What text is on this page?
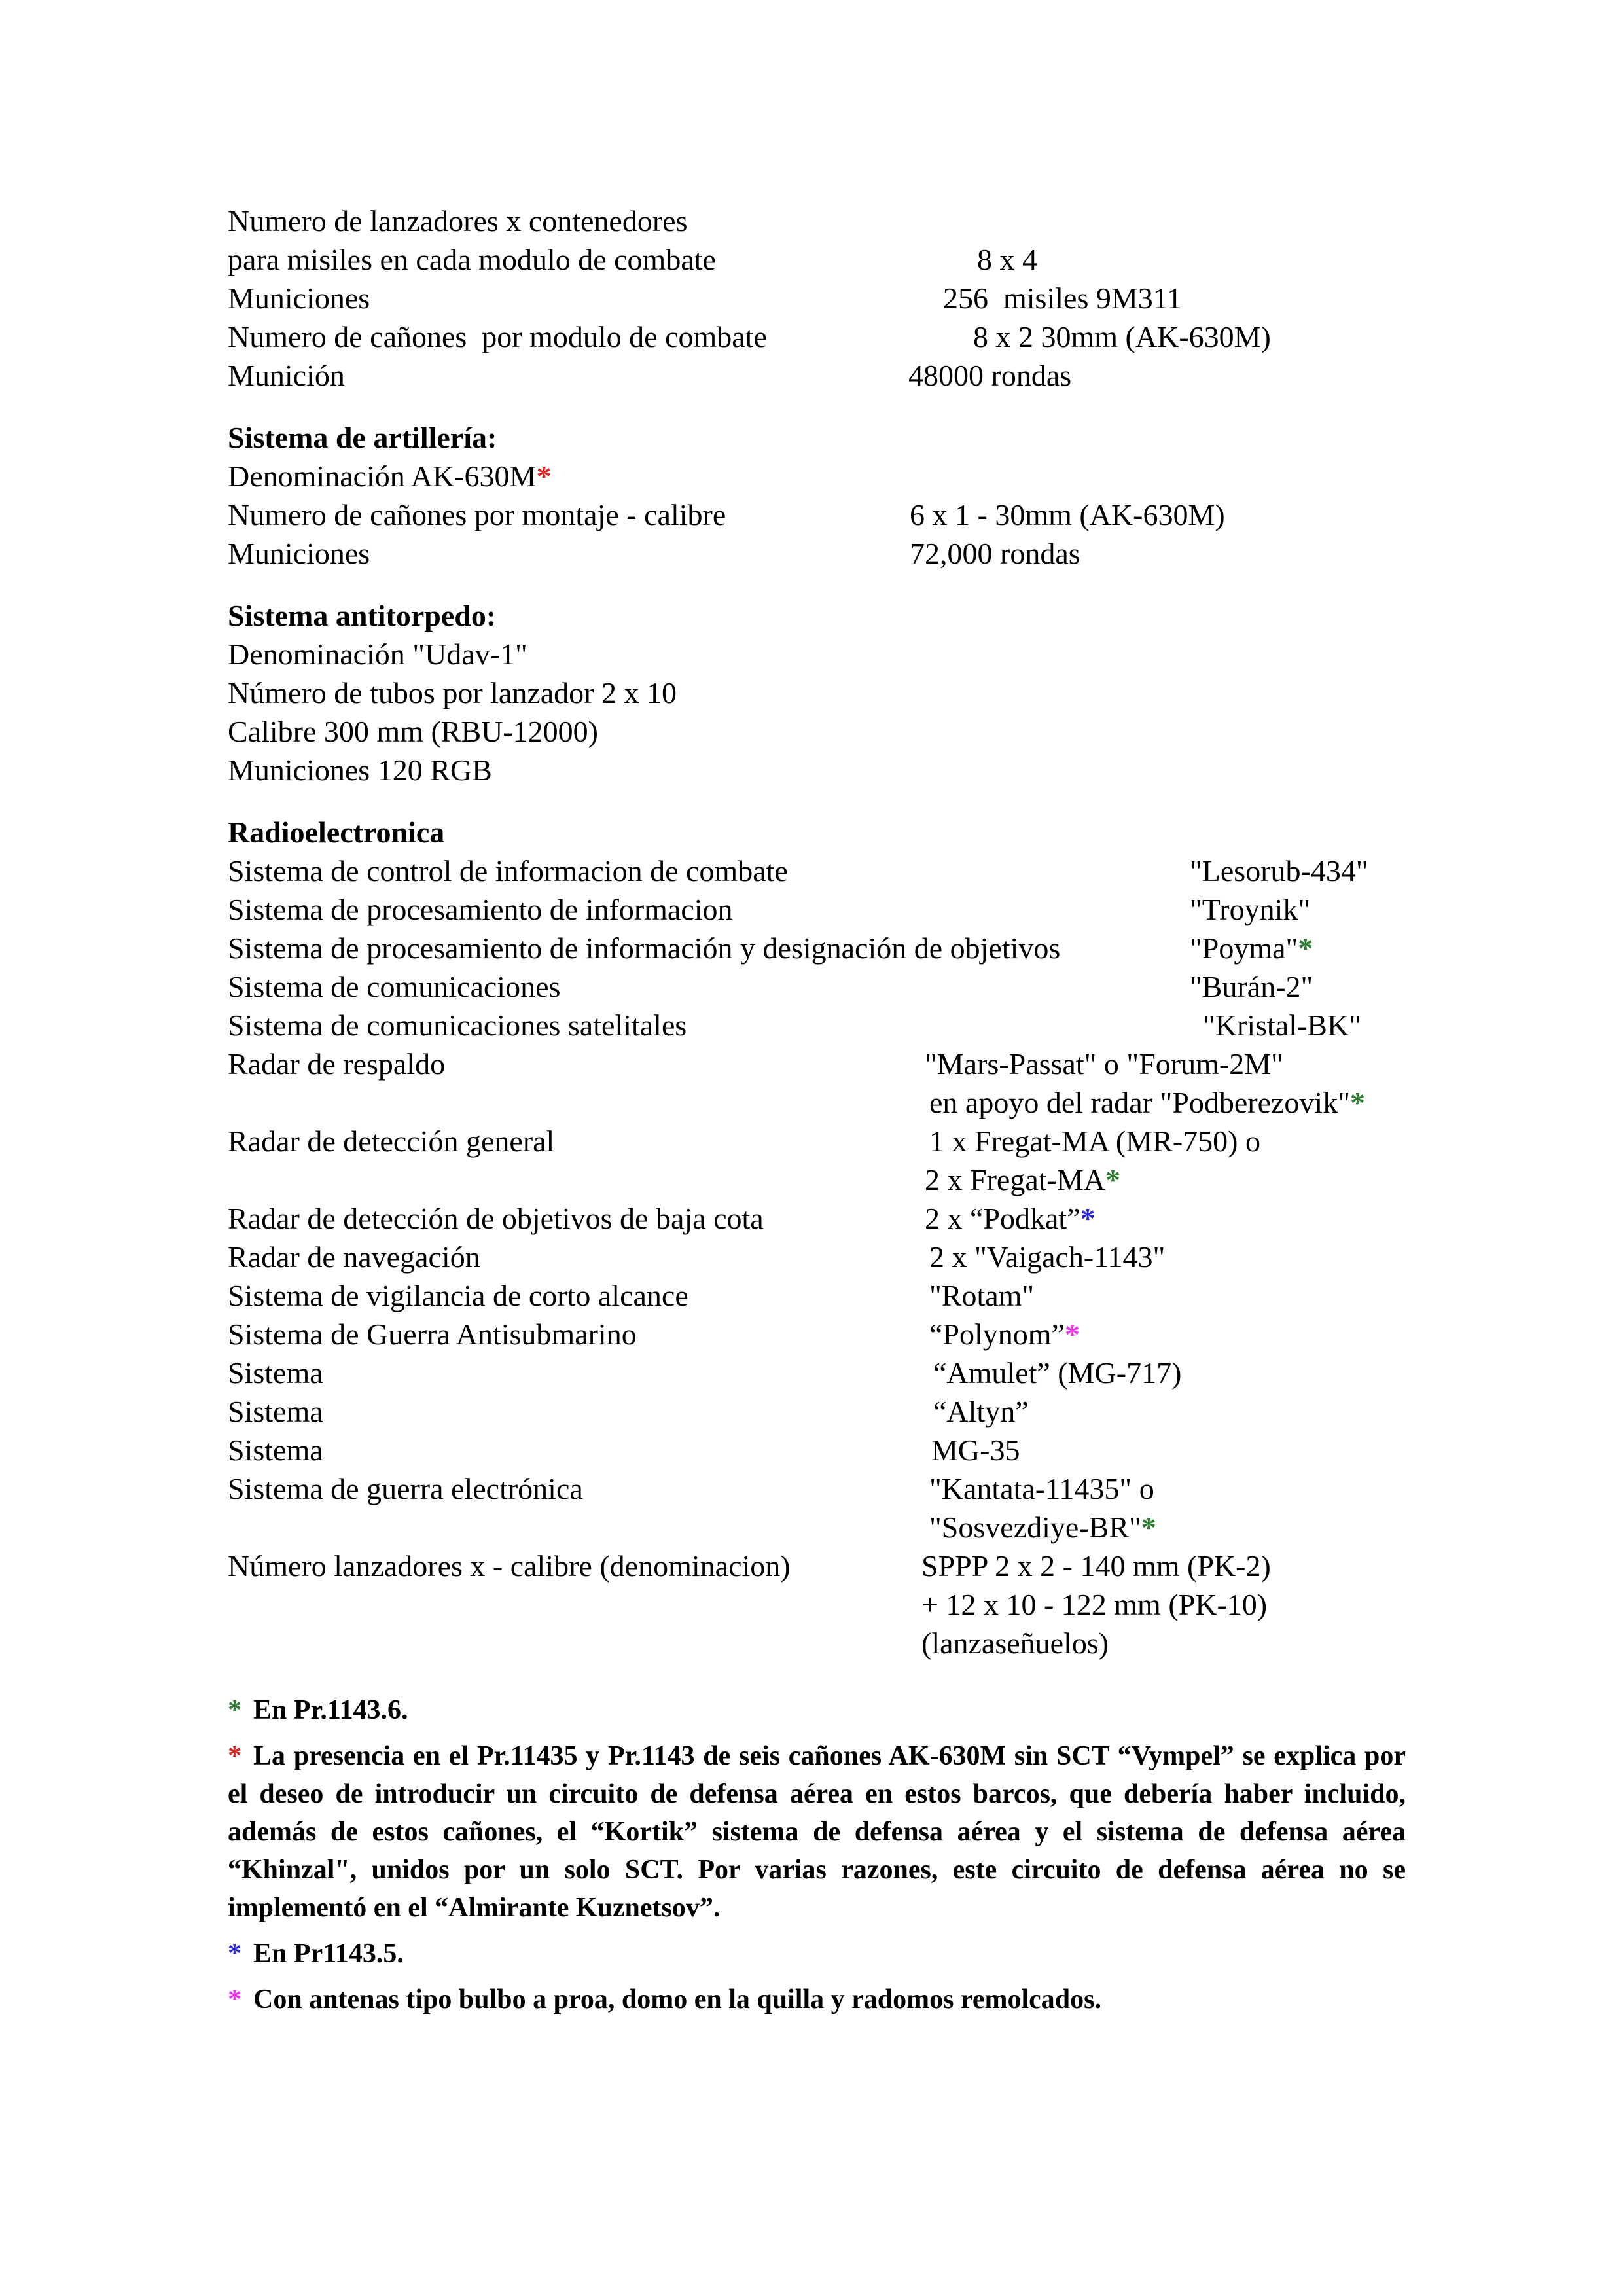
Numero de lanzadores x contenedores
para misiles en cada modulo de combate	8 x 4
Municiones	256  misiles 9M311
Numero de cañones  por modulo de combate	8 x 2 30mm (AK-630M)
Munición	48000 rondas
Sistema de artillería:
Denominación AK-630M*
Numero de cañones por montaje - calibre	6 x 1 - 30mm (AK-630M)
Municiones	72,000 rondas
Sistema antitorpedo:
Denominación "Udav-1"
Número de tubos por lanzador 2 x 10
Calibre 300 mm (RBU-12000)
Municiones 120 RGB
Radioelectronica
Sistema de control de informacion de combate	"Lesorub-434"
Sistema de procesamiento de informacion	"Troynik"
Sistema de procesamiento de información y designación de objetivos	"Poyma"*
Sistema de comunicaciones	"Burán-2"
Sistema de comunicaciones satelitales	"Kristal-BK"
Radar de respaldo	"Mars-Passat" o "Forum-2M"

en apoyo del radar "Podberezovik"*
Radar de detección general	1 x Fregat-MA (MR-750) o

2 x Fregat-MA*
Radar de detección de objetivos de baja cota	2 x “Podkat”*
Radar de navegación	2 x "Vaigach-1143"
Sistema de vigilancia de corto alcance	"Rotam"
Sistema de Guerra Antisubmarino	“Polynom”*
Sistema	“Amulet” (MG-717)
Sistema	“Altyn”
Sistema	MG-35
Sistema de guerra electrónica	"Kantata-11435" o

"Sosvezdiye-BR"*
Número lanzadores x - calibre (denominacion)	SPPP 2 x 2 - 140 mm (PK-2)

+ 12 x 10 - 122 mm (PK-10)

(lanzaseñuelos)

* En Pr.1143.6.

* La presencia en el Pr.11435 y Pr.1143 de seis cañones AK-630M sin SCT “Vympel” se explica por el deseo de introducir un circuito de defensa aérea en estos barcos, que debería haber incluido, además de estos cañones, el “Kortik” sistema de defensa aérea y el sistema de defensa aérea “Khinzal", unidos por un solo SCT. Por varias razones, este circuito de defensa aérea no se implementó en el “Almirante Kuznetsov”.

* En Pr1143.5.

* Con antenas tipo bulbo a proa, domo en la quilla y radomos remolcados.
